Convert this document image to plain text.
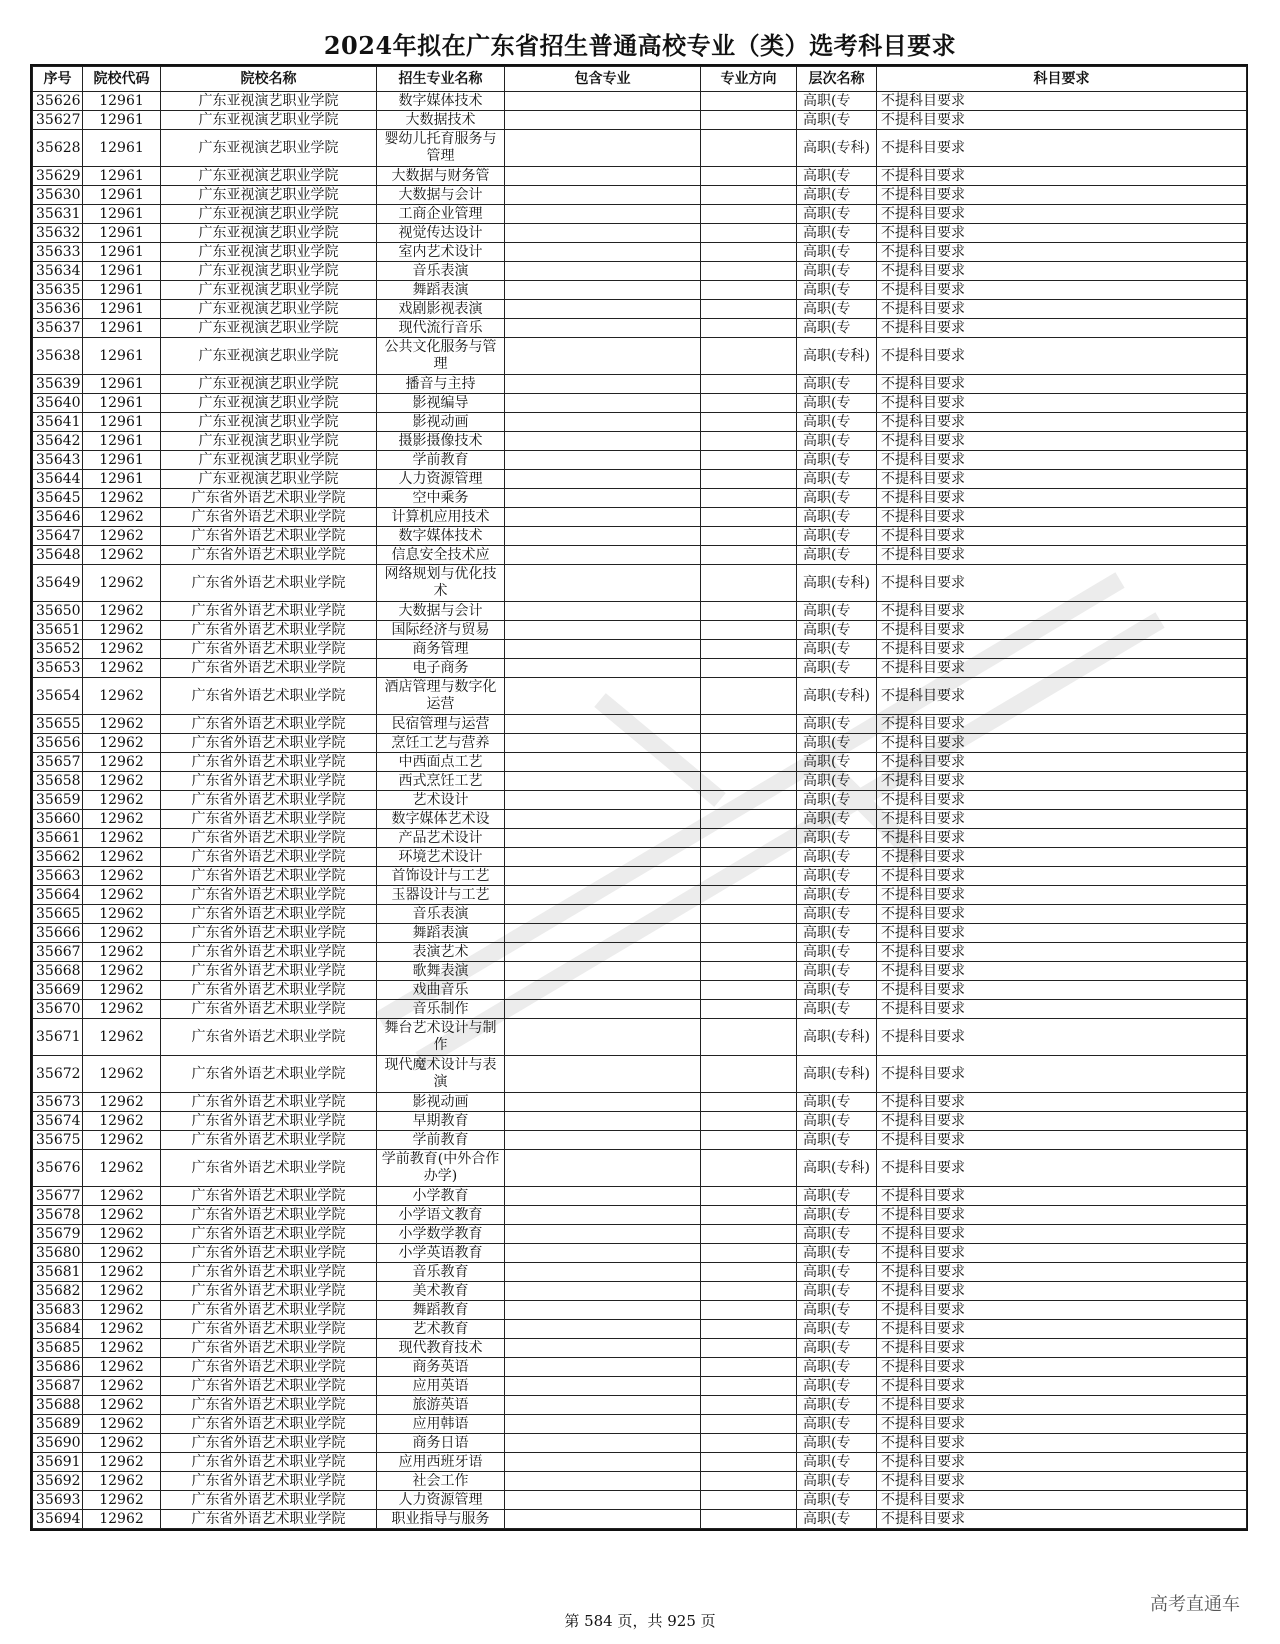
2024年拟在广东省招生普通高校专业（类）选考科目要求
序号	院校代码	院校名称	招生专业名称	包含专业	专业方向	层次名称	科目要求
35626	12961	广东亚视演艺职业学院	数字媒体技术			高职(专	不提科目要求
35627	12961	广东亚视演艺职业学院	大数据技术			高职(专	不提科目要求
35628	12961	广东亚视演艺职业学院	婴幼儿托育服务与管理			高职(专科)	不提科目要求
35629	12961	广东亚视演艺职业学院	大数据与财务管			高职(专	不提科目要求
35630	12961	广东亚视演艺职业学院	大数据与会计			高职(专	不提科目要求
35631	12961	广东亚视演艺职业学院	工商企业管理			高职(专	不提科目要求
35632	12961	广东亚视演艺职业学院	视觉传达设计			高职(专	不提科目要求
35633	12961	广东亚视演艺职业学院	室内艺术设计			高职(专	不提科目要求
35634	12961	广东亚视演艺职业学院	音乐表演			高职(专	不提科目要求
35635	12961	广东亚视演艺职业学院	舞蹈表演			高职(专	不提科目要求
35636	12961	广东亚视演艺职业学院	戏剧影视表演			高职(专	不提科目要求
35637	12961	广东亚视演艺职业学院	现代流行音乐			高职(专	不提科目要求
35638	12961	广东亚视演艺职业学院	公共文化服务与管理			高职(专科)	不提科目要求
35639	12961	广东亚视演艺职业学院	播音与主持			高职(专	不提科目要求
35640	12961	广东亚视演艺职业学院	影视编导			高职(专	不提科目要求
35641	12961	广东亚视演艺职业学院	影视动画			高职(专	不提科目要求
35642	12961	广东亚视演艺职业学院	摄影摄像技术			高职(专	不提科目要求
35643	12961	广东亚视演艺职业学院	学前教育			高职(专	不提科目要求
35644	12961	广东亚视演艺职业学院	人力资源管理			高职(专	不提科目要求
35645	12962	广东省外语艺术职业学院	空中乘务			高职(专	不提科目要求
35646	12962	广东省外语艺术职业学院	计算机应用技术			高职(专	不提科目要求
35647	12962	广东省外语艺术职业学院	数字媒体技术			高职(专	不提科目要求
35648	12962	广东省外语艺术职业学院	信息安全技术应			高职(专	不提科目要求
35649	12962	广东省外语艺术职业学院	网络规划与优化技术			高职(专科)	不提科目要求
35650	12962	广东省外语艺术职业学院	大数据与会计			高职(专	不提科目要求
35651	12962	广东省外语艺术职业学院	国际经济与贸易			高职(专	不提科目要求
35652	12962	广东省外语艺术职业学院	商务管理			高职(专	不提科目要求
35653	12962	广东省外语艺术职业学院	电子商务			高职(专	不提科目要求
35654	12962	广东省外语艺术职业学院	酒店管理与数字化运营			高职(专科)	不提科目要求
35655	12962	广东省外语艺术职业学院	民宿管理与运营			高职(专	不提科目要求
35656	12962	广东省外语艺术职业学院	烹饪工艺与营养			高职(专	不提科目要求
35657	12962	广东省外语艺术职业学院	中西面点工艺			高职(专	不提科目要求
35658	12962	广东省外语艺术职业学院	西式烹饪工艺			高职(专	不提科目要求
35659	12962	广东省外语艺术职业学院	艺术设计			高职(专	不提科目要求
35660	12962	广东省外语艺术职业学院	数字媒体艺术设			高职(专	不提科目要求
35661	12962	广东省外语艺术职业学院	产品艺术设计			高职(专	不提科目要求
35662	12962	广东省外语艺术职业学院	环境艺术设计			高职(专	不提科目要求
35663	12962	广东省外语艺术职业学院	首饰设计与工艺			高职(专	不提科目要求
35664	12962	广东省外语艺术职业学院	玉器设计与工艺			高职(专	不提科目要求
35665	12962	广东省外语艺术职业学院	音乐表演			高职(专	不提科目要求
35666	12962	广东省外语艺术职业学院	舞蹈表演			高职(专	不提科目要求
35667	12962	广东省外语艺术职业学院	表演艺术			高职(专	不提科目要求
35668	12962	广东省外语艺术职业学院	歌舞表演			高职(专	不提科目要求
35669	12962	广东省外语艺术职业学院	戏曲音乐			高职(专	不提科目要求
35670	12962	广东省外语艺术职业学院	音乐制作			高职(专	不提科目要求
35671	12962	广东省外语艺术职业学院	舞台艺术设计与制作			高职(专科)	不提科目要求
35672	12962	广东省外语艺术职业学院	现代魔术设计与表演			高职(专科)	不提科目要求
35673	12962	广东省外语艺术职业学院	影视动画			高职(专	不提科目要求
35674	12962	广东省外语艺术职业学院	早期教育			高职(专	不提科目要求
35675	12962	广东省外语艺术职业学院	学前教育			高职(专	不提科目要求
35676	12962	广东省外语艺术职业学院	学前教育(中外合作办学)			高职(专科)	不提科目要求
35677	12962	广东省外语艺术职业学院	小学教育			高职(专	不提科目要求
35678	12962	广东省外语艺术职业学院	小学语文教育			高职(专	不提科目要求
35679	12962	广东省外语艺术职业学院	小学数学教育			高职(专	不提科目要求
35680	12962	广东省外语艺术职业学院	小学英语教育			高职(专	不提科目要求
35681	12962	广东省外语艺术职业学院	音乐教育			高职(专	不提科目要求
35682	12962	广东省外语艺术职业学院	美术教育			高职(专	不提科目要求
35683	12962	广东省外语艺术职业学院	舞蹈教育			高职(专	不提科目要求
35684	12962	广东省外语艺术职业学院	艺术教育			高职(专	不提科目要求
35685	12962	广东省外语艺术职业学院	现代教育技术			高职(专	不提科目要求
35686	12962	广东省外语艺术职业学院	商务英语			高职(专	不提科目要求
35687	12962	广东省外语艺术职业学院	应用英语			高职(专	不提科目要求
35688	12962	广东省外语艺术职业学院	旅游英语			高职(专	不提科目要求
35689	12962	广东省外语艺术职业学院	应用韩语			高职(专	不提科目要求
35690	12962	广东省外语艺术职业学院	商务日语			高职(专	不提科目要求
35691	12962	广东省外语艺术职业学院	应用西班牙语			高职(专	不提科目要求
35692	12962	广东省外语艺术职业学院	社会工作			高职(专	不提科目要求
35693	12962	广东省外语艺术职业学院	人力资源管理			高职(专	不提科目要求
35694	12962	广东省外语艺术职业学院	职业指导与服务			高职(专	不提科目要求
第 584 页，共 925 页
高考直通车
